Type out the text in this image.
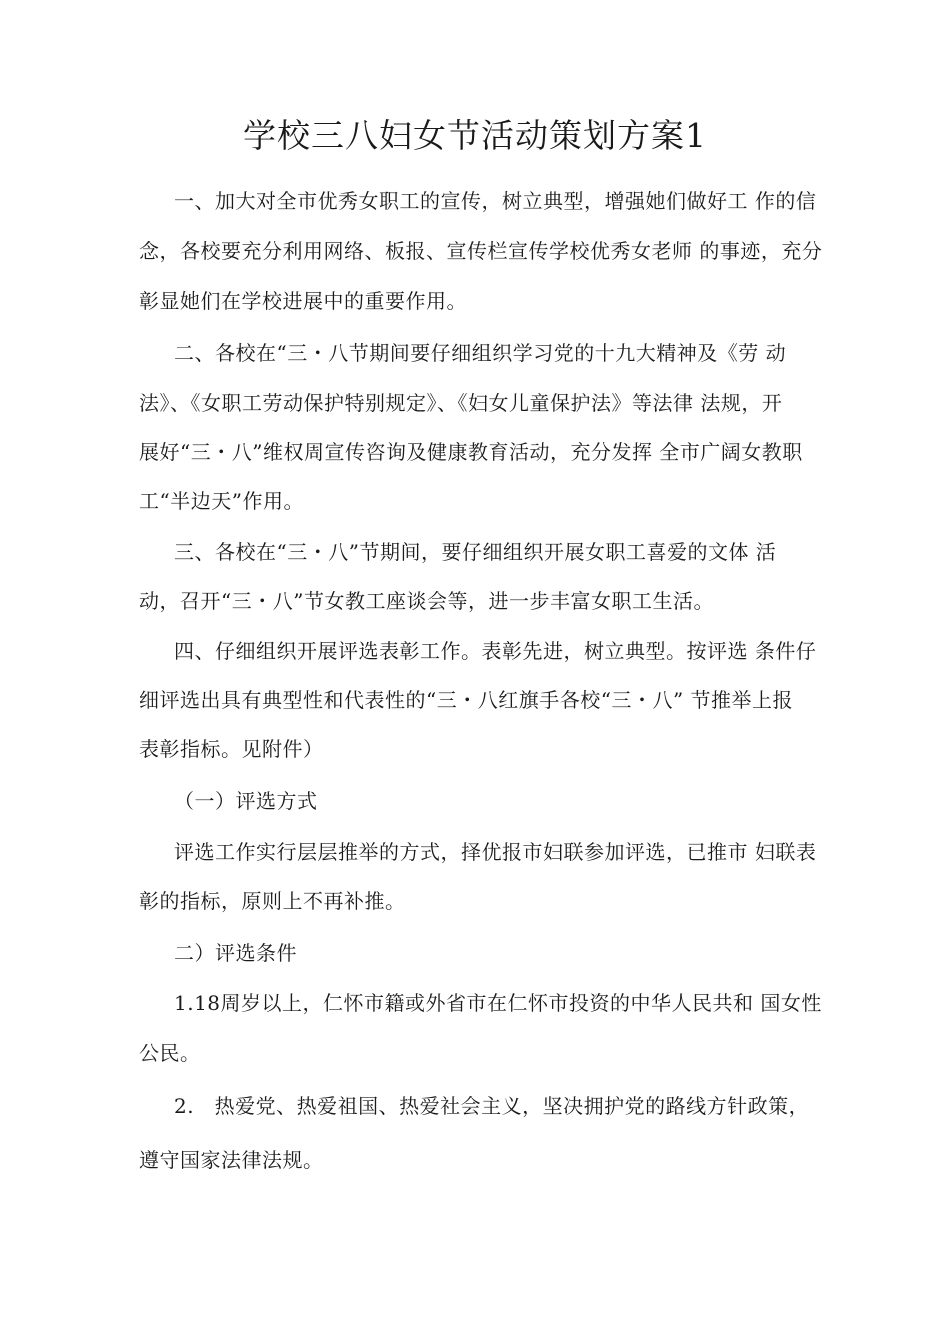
学校三八妇女节活动策划方案1
一、加大对全市优秀女职工的宣传，树立典型，增强她们做好工 作的信
念，各校要充分利用网络、板报、宣传栏宣传学校优秀女老师 的事迹，充分
彰显她们在学校进展中的重要作用。
二、各校在“三・八节期间要仔细组织学习党的十九大精神及《劳 动
法》、《女职工劳动保护特别规定》、《妇女儿童保护法》等法律 法规，开
展好“三・八”维权周宣传咨询及健康教育活动，充分发挥 全市广阔女教职
工“半边天”作用。
三、各校在“三・八”节期间，要仔细组织开展女职工喜爱的文体 活
动，召开“三・八”节女教工座谈会等，进一步丰富女职工生活。
四、仔细组织开展评选表彰工作。表彰先进，树立典型。按评选 条件仔
细评选出具有典型性和代表性的“三・八红旗手各校“三・八” 节推举上报
表彰指标。见附件）
（一）评选方式
评选工作实行层层推举的方式，择优报市妇联参加评选，已推市 妇联表
彰的指标，原则上不再补推。
二）评选条件
1.18周岁以上，仁怀市籍或外省市在仁怀市投资的中华人民共和 国女性
公民。
2.　热爱党、热爱祖国、热爱社会主义，坚决拥护党的路线方针政策，
遵守国家法律法规。
